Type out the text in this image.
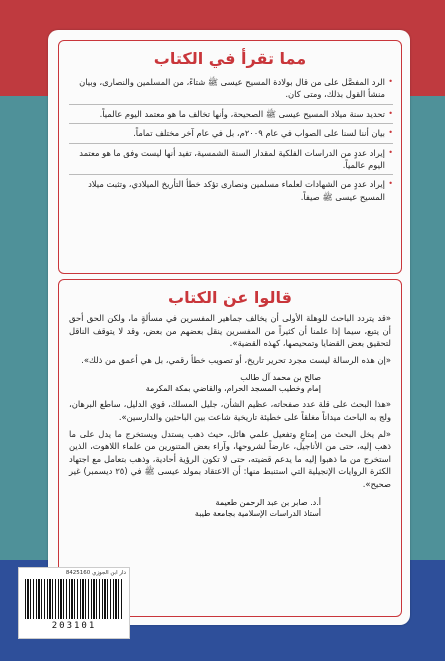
مما تقرأ في الكتاب
•
الرد المفصَّل على من قال بولادة المسيح عيسى ﷺ شتاءً، من المسلمين والنصارى، وبيان منشأ القول بذلك، ومتى كان.
•
تحديد سنة ميلاد المسيح عيسى ﷺ الصحيحة، وأنها تخالف ما هو معتمد اليوم عالمياً.
•
بيان أننا لسنا على الصواب في عام ٢٠٠٩م، بل في عام آخر مختلف تماماً.
•
إيراد عددٍ من الدراسات الفلكية لمقدار السنة الشمسية، تفيد أنها ليست وفق ما هو معتمد اليوم عالمياً.
•
إيراد عددٍ من الشهادات لعلماء مسلمين ونصارى تؤكد خطأ التأريخ الميلادي، وتثبت ميلاد المسيح عيسى ﷺ صيفاً.
قالوا عن الكتاب

«قد يتردد الباحث للوهلة الأولى أن يخالف جماهير المفسرين في مسألةٍ ما، ولكن الحق أحق أن يتبع، سيما إذا علمنا أن كثيراً من المفسرين ينقل بعضهم من بعض، وقد لا يتوقف الناقل لتحقيق بعض القضايا وتمحيصها، كهذه القضية».

«إن هذه الرسالة ليست مجرد تحرير تاريخ، أو تصويب خطأ رقمي، بل هي أعمق من ذلك».

صالح بن محمد آل طالب
إمام وخطيب المسجد الحرام، والقاضي بمكة المكرمة

«هذا البحث على قلة عدد صفحاته، عظيم الشأن، جليل المسلك، قوي الدليل، ساطع البرهان، ولج به الباحث ميداناً مغلقاً على خطيئة تاريخية شاعت بين الباحثين والدارسين».

«لم يخل البحث من إمتاعٍ وتفعيل علمي هائل، حيث ذهب يستدل ويستخرج ما يدل على ما ذهب إليه، حتى من الأناجيل، عارضاً لشروحها، وآراء بعض المتنورين من علماء اللاهوت، الذين استخرج من ما ذهبوا إليه ما يدعم قضيته، حتى لا تكون الرؤية أحادية، وذهب بتعامل مع اجتهاد الكثرة الروايات الإنجيلية التي استنبط منها: أن الاعتقاد بمولد عيسى ﷺ في (٢٥ ديسمبر) غير صحيح».

أ.د. صابر بن عبد الرحمن طعيمة
أستاذ الدراسات الإسلامية بجامعة طيبة
8425160 دار ابن الجوزي
203101
